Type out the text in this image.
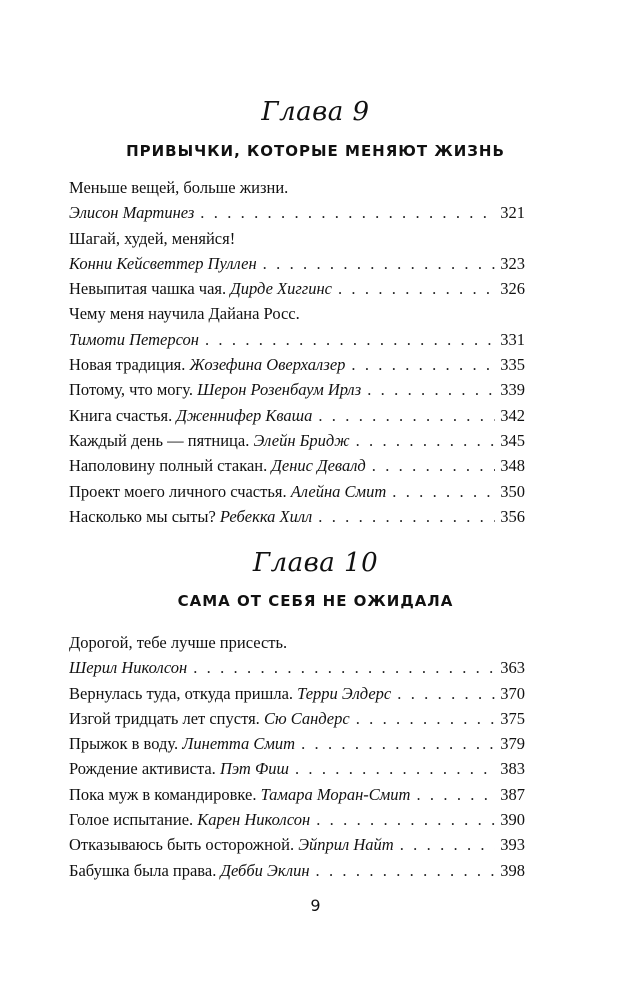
Глава 9
ПРИВЫЧКИ, КОТОРЫЕ МЕНЯЮТ ЖИЗНЬ
Меньше вещей, больше жизни.
Элисон Мартинез . . .	321
Шагай, худей, меняйся!
Конни Кейсветтер Пуллен . . .	323
Невыпитая чашка чая. Дирде Хиггинс . . .	326
Чему меня научила Дайана Росс.
Тимоти Петерсон . . .	331
Новая традиция. Жозефина Оверхалзер . . .	335
Потому, что могу. Шерон Розенбаум Ирлз . . .	339
Книга счастья. Дженнифер Кваша . . .	342
Каждый день — пятница. Элейн Бридж . . .	345
Наполовину полный стакан. Денис Девалд . . .	348
Проект моего личного счастья. Алейна Смит . . .	350
Насколько мы сыты? Ребекка Хилл . . .	356
Глава 10
САМА ОТ СЕБЯ НЕ ОЖИДАЛА
Дорогой, тебе лучше присесть.
Шерил Николсон . . .	363
Вернулась туда, откуда пришла. Терри Элдерс . . .	370
Изгой тридцать лет спустя. Сю Сандерс . . .	375
Прыжок в воду. Линетта Смит . . .	379
Рождение активиста. Пэт Фиш . . .	383
Пока муж в командировке. Тамара Моран-Смит . . .	387
Голое испытание. Карен Николсон . . .	390
Отказываюсь быть осторожной. Эйприл Найт . . .	393
Бабушка была права. Дебби Эклин . . .	398
9
